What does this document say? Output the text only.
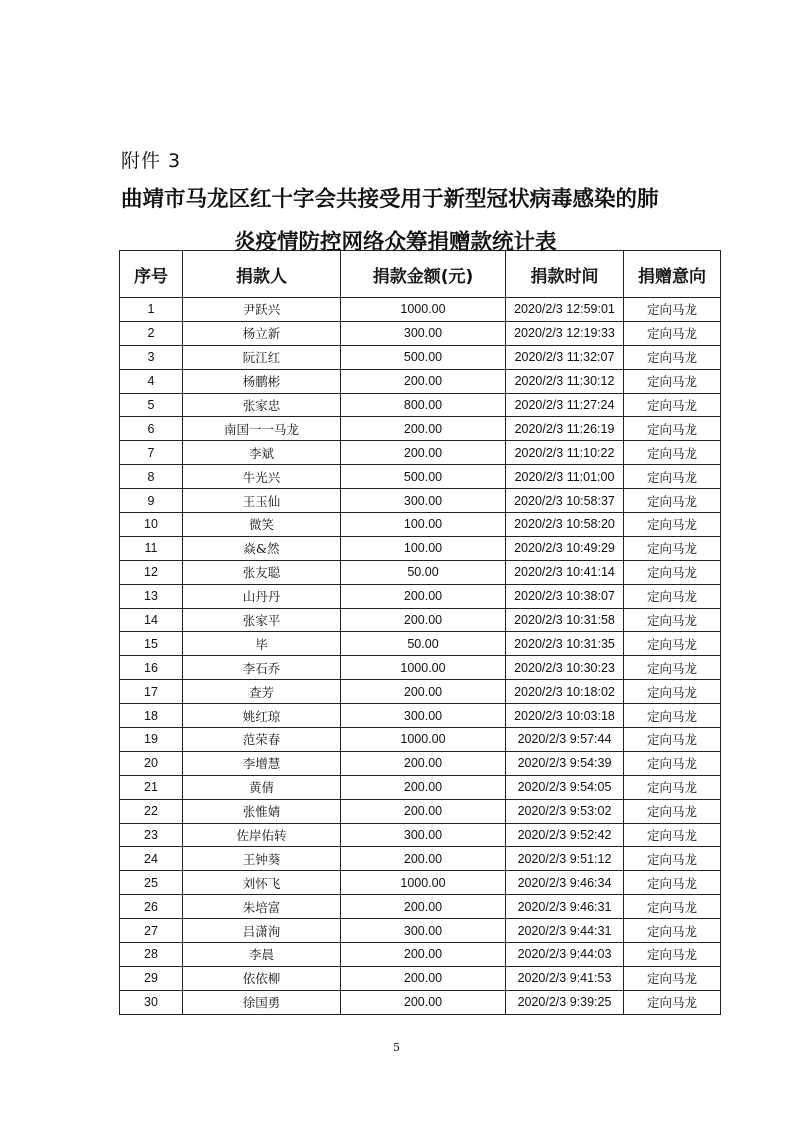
附件 3
曲靖市马龙区红十字会共接受用于新型冠状病毒感染的肺
炎疫情防控网络众筹捐赠款统计表
序号	捐款人	捐款金额(元)	捐款时间	捐赠意向
1	尹跃兴	1000.00	2020/2/3 12:59:01	定向马龙
2	杨立新	300.00	2020/2/3 12:19:33	定向马龙
3	阮江红	500.00	2020/2/3 11:32:07	定向马龙
4	杨鹏彬	200.00	2020/2/3 11:30:12	定向马龙
5	张家忠	800.00	2020/2/3 11:27:24	定向马龙
6	南国一一马龙	200.00	2020/2/3 11:26:19	定向马龙
7	李斌	200.00	2020/2/3 11:10:22	定向马龙
8	牛光兴	500.00	2020/2/3 11:01:00	定向马龙
9	王玉仙	300.00	2020/2/3 10:58:37	定向马龙
10	微笑	100.00	2020/2/3 10:58:20	定向马龙
11	焱&然	100.00	2020/2/3 10:49:29	定向马龙
12	张友聪	50.00	2020/2/3 10:41:14	定向马龙
13	山丹丹	200.00	2020/2/3 10:38:07	定向马龙
14	张家平	200.00	2020/2/3 10:31:58	定向马龙
15	毕	50.00	2020/2/3 10:31:35	定向马龙
16	李石乔	1000.00	2020/2/3 10:30:23	定向马龙
17	查芳	200.00	2020/2/3 10:18:02	定向马龙
18	姚红琼	300.00	2020/2/3 10:03:18	定向马龙
19	范荣春	1000.00	2020/2/3 9:57:44	定向马龙
20	李增慧	200.00	2020/2/3 9:54:39	定向马龙
21	黄倩	200.00	2020/2/3 9:54:05	定向马龙
22	张惟婧	200.00	2020/2/3 9:53:02	定向马龙
23	佐岸佑转	300.00	2020/2/3 9:52:42	定向马龙
24	王钟葵	200.00	2020/2/3 9:51:12	定向马龙
25	刘怀飞	1000.00	2020/2/3 9:46:34	定向马龙
26	朱培富	200.00	2020/2/3 9:46:31	定向马龙
27	吕潇洵	300.00	2020/2/3 9:44:31	定向马龙
28	李晨	200.00	2020/2/3 9:44:03	定向马龙
29	依依柳	200.00	2020/2/3 9:41:53	定向马龙
30	徐国勇	200.00	2020/2/3 9:39:25	定向马龙
5
